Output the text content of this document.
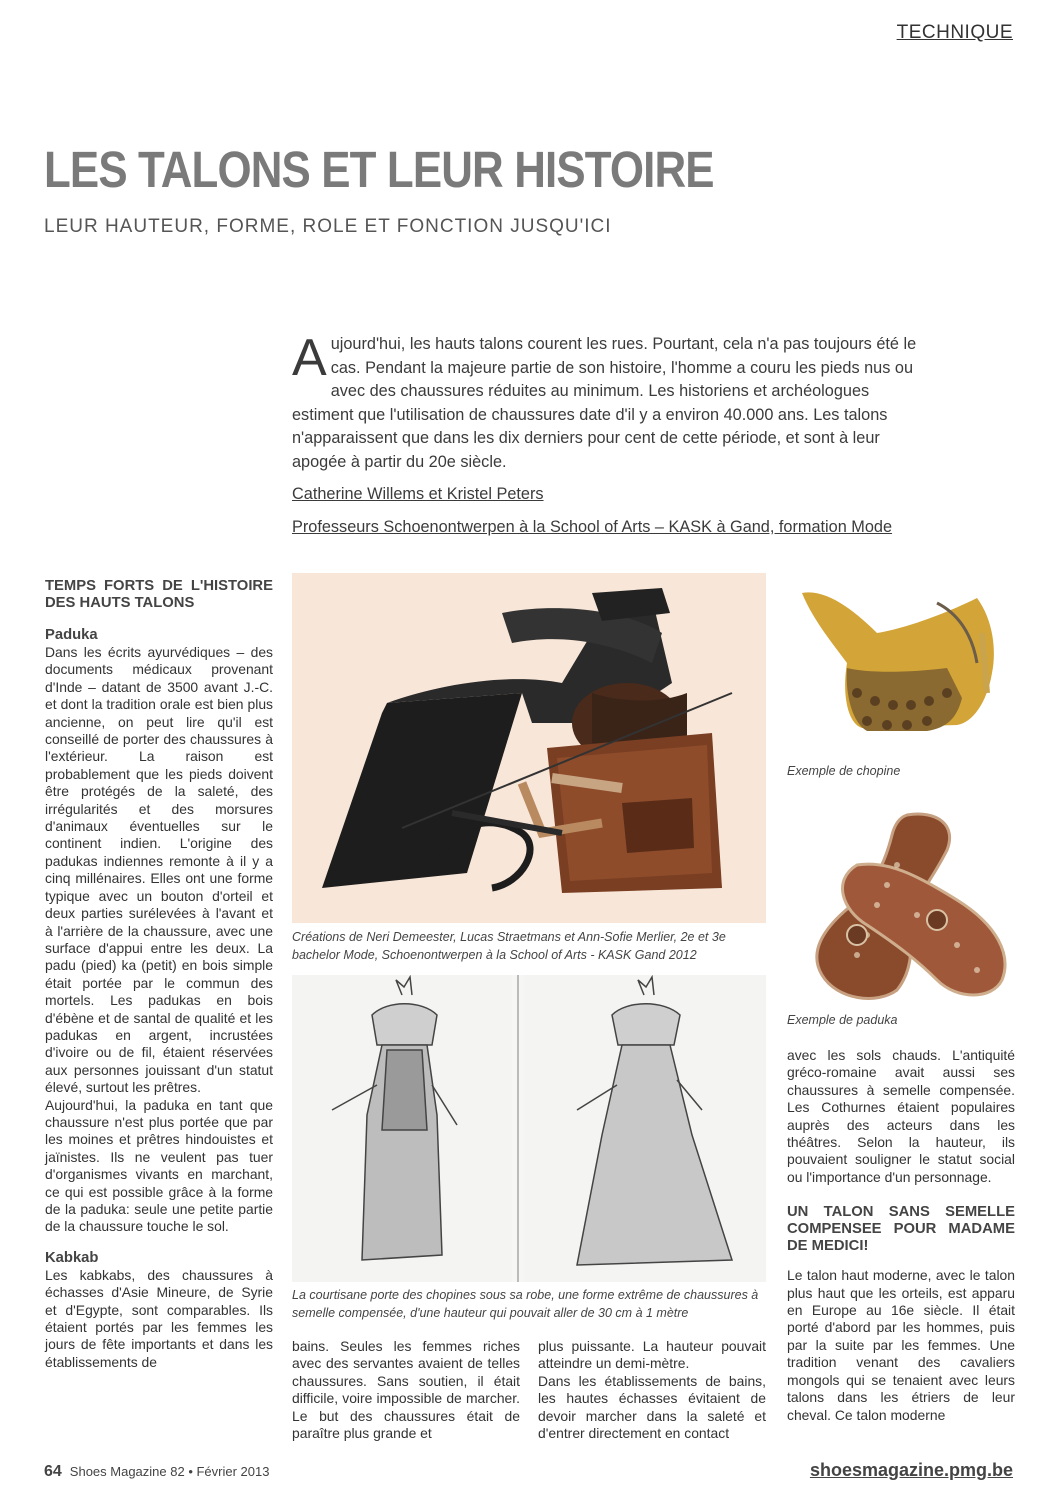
TECHNIQUE
LES TALONS ET LEUR HISTOIRE
LEUR HAUTEUR, FORME, ROLE ET FONCTION JUSQU'ICI
Aujourd'hui, les hauts talons courent les rues. Pourtant, cela n'a pas toujours été le cas. Pendant la majeure partie de son histoire, l'homme a couru les pieds nus ou avec des chaussures réduites au minimum. Les historiens et archéologues estiment que l'utilisation de chaussures date d'il y a environ 40.000 ans. Les talons n'apparaissent que dans les dix derniers pour cent de cette période, et sont à leur apogée à partir du 20e siècle.
Catherine Willems et Kristel Peters
Professeurs Schoenontwerpen à la School of Arts – KASK à Gand, formation Mode
TEMPS FORTS DE L'HISTOIRE DES HAUTS TALONS
Paduka

Dans les écrits ayurvédiques – des documents médicaux provenant d'Inde – datant de 3500 avant J.-C. et dont la tradition orale est bien plus ancienne, on peut lire qu'il est conseillé de porter des chaussures à l'extérieur. La raison est probablement que les pieds doivent être protégés de la saleté, des irrégularités et des morsures d'animaux éventuelles sur le continent indien. L'origine des padukas indiennes remonte à il y a cinq millénaires. Elles ont une forme typique avec un bouton d'orteil et deux parties surélevées à l'avant et à l'arrière de la chaussure, avec une surface d'appui entre les deux. La padu (pied) ka (petit) en bois simple était portée par le commun des mortels. Les padukas en bois d'ébène et de santal de qualité et les padukas en argent, incrustées d'ivoire ou de fil, étaient réservées aux personnes jouissant d'un statut élevé, surtout les prêtres.

Aujourd'hui, la paduka en tant que chaussure n'est plus portée que par les moines et prêtres hindouistes et jaïnistes. Ils ne veulent pas tuer d'organismes vivants en marchant, ce qui est possible grâce à la forme de la paduka: seule une petite partie de la chaussure touche le sol.

Kabkab

Les kabkabs, des chaussures à échasses d'Asie Mineure, de Syrie et d'Egypte, sont comparables. Ils étaient portés par les femmes les jours de fête importants et dans les établissements de

Créations de Neri Demeester, Lucas Straetmans et Ann-Sofie Merlier, 2e et 3e bachelor Mode, Schoenontwerpen à la School of Arts - KASK Gand 2012
Exemple de chopine
Exemple de paduka
La courtisane porte des chopines sous sa robe, une forme extrême de chaussures à semelle compensée, d'une hauteur qui pouvait aller de 30 cm à 1 mètre

bains. Seules les femmes riches avec des servantes avaient de telles chaussures. Sans soutien, il était difficile, voire impossible de marcher. Le but des chaussures était de paraître plus grande et

plus puissante. La hauteur pouvait atteindre un demi-mètre.

Dans les établissements de bains, les hautes échasses évitaient de devoir marcher dans la saleté et d'entrer directement en contact

avec les sols chauds. L'antiquité gréco-romaine avait aussi ses chaussures à semelle compensée. Les Cothurnes étaient populaires auprès des acteurs dans les théâtres. Selon la hauteur, ils pouvaient souligner le statut social ou l'importance d'un personnage.

UN TALON SANS SEMELLE COMPENSEE POUR MADAME DE MEDICI!

Le talon haut moderne, avec le talon plus haut que les orteils, est apparu en Europe au 16e siècle. Il était porté d'abord par les hommes, puis par la suite par les femmes. Une tradition venant des cavaliers mongols qui se tenaient avec leurs talons dans les étriers de leur cheval. Ce talon moderne

64 Shoes Magazine 82 • Février 2013	shoesmagazine.pmg.be
